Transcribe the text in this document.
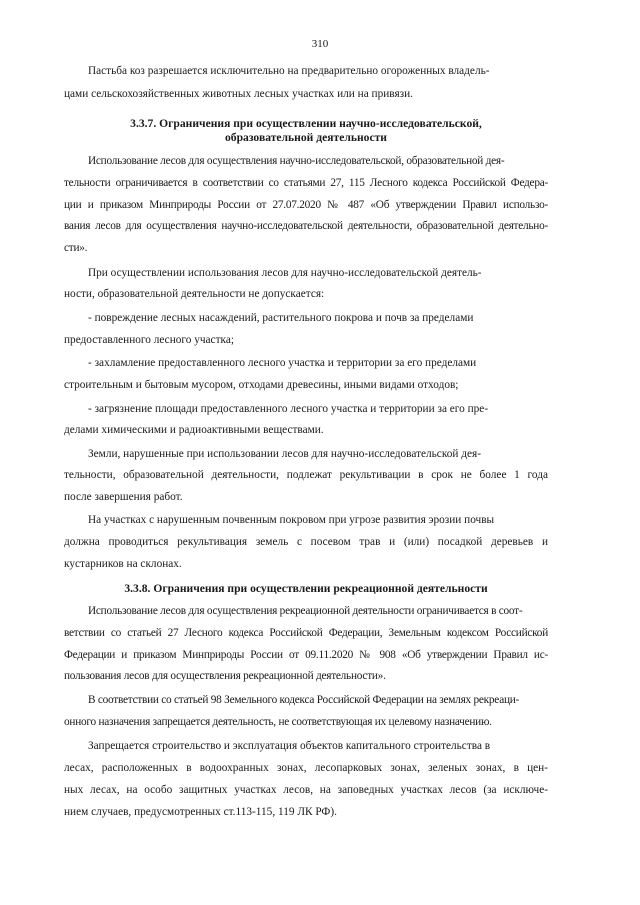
310
Пастьба коз разрешается исключительно на предварительно огороженных владель-
цами сельскохозяйственных животных лесных участках или на привязи.
3.3.7. Ограничения при осуществлении научно-исследовательской,
образовательной деятельности
Использование лесов для осуществления научно-исследовательской, образовательной дея-
тельности ограничивается в соответствии со статьями 27, 115 Лесного кодекса Российской Федера-
ции и приказом Минприроды России от 27.07.2020 № 487 «Об утверждении Правил использо-
вания лесов для осуществления научно-исследовательской деятельности, образовательной деятельно-
сти».
При осуществлении использования лесов для научно-исследовательской деятель-
ности, образовательной деятельности не допускается:
- повреждение лесных насаждений, растительного покрова и почв за пределами
предоставленного лесного участка;
- захламление предоставленного лесного участка и территории за его пределами
строительным и бытовым мусором, отходами древесины, иными видами отходов;
- загрязнение площади предоставленного лесного участка и территории за его пре-
делами химическими и радиоактивными веществами.
Земли, нарушенные при использовании лесов для научно-исследовательской дея-
тельности, образовательной деятельности, подлежат рекультивации в срок не более 1 года
после завершения работ.
На участках с нарушенным почвенным покровом при угрозе развития эрозии почвы
должна проводиться рекультивация земель с посевом трав и (или) посадкой деревьев и
кустарников на склонах.
3.3.8. Ограничения при осуществлении рекреационной деятельности
Использование лесов для осуществления рекреационной деятельности ограничивается в соот-
ветствии со статьей 27 Лесного кодекса Российской Федерации, Земельным кодексом Российской
Федерации и приказом Минприроды России от 09.11.2020 № 908 «Об утверждении Правил ис-
пользования лесов для осуществления рекреационной деятельности».
В соответствии со статьей 98 Земельного кодекса Российской Федерации на землях рекреаци-
онного назначения запрещается деятельность, не соответствующая их целевому назначению.
Запрещается строительство и эксплуатация объектов капитального строительства в
лесах, расположенных в водоохранных зонах, лесопарковых зонах, зеленых зонах, в цен-
ных лесах, на особо защитных участках лесов, на заповедных участках лесов (за исключе-
нием случаев, предусмотренных ст.113-115, 119 ЛК РФ).
